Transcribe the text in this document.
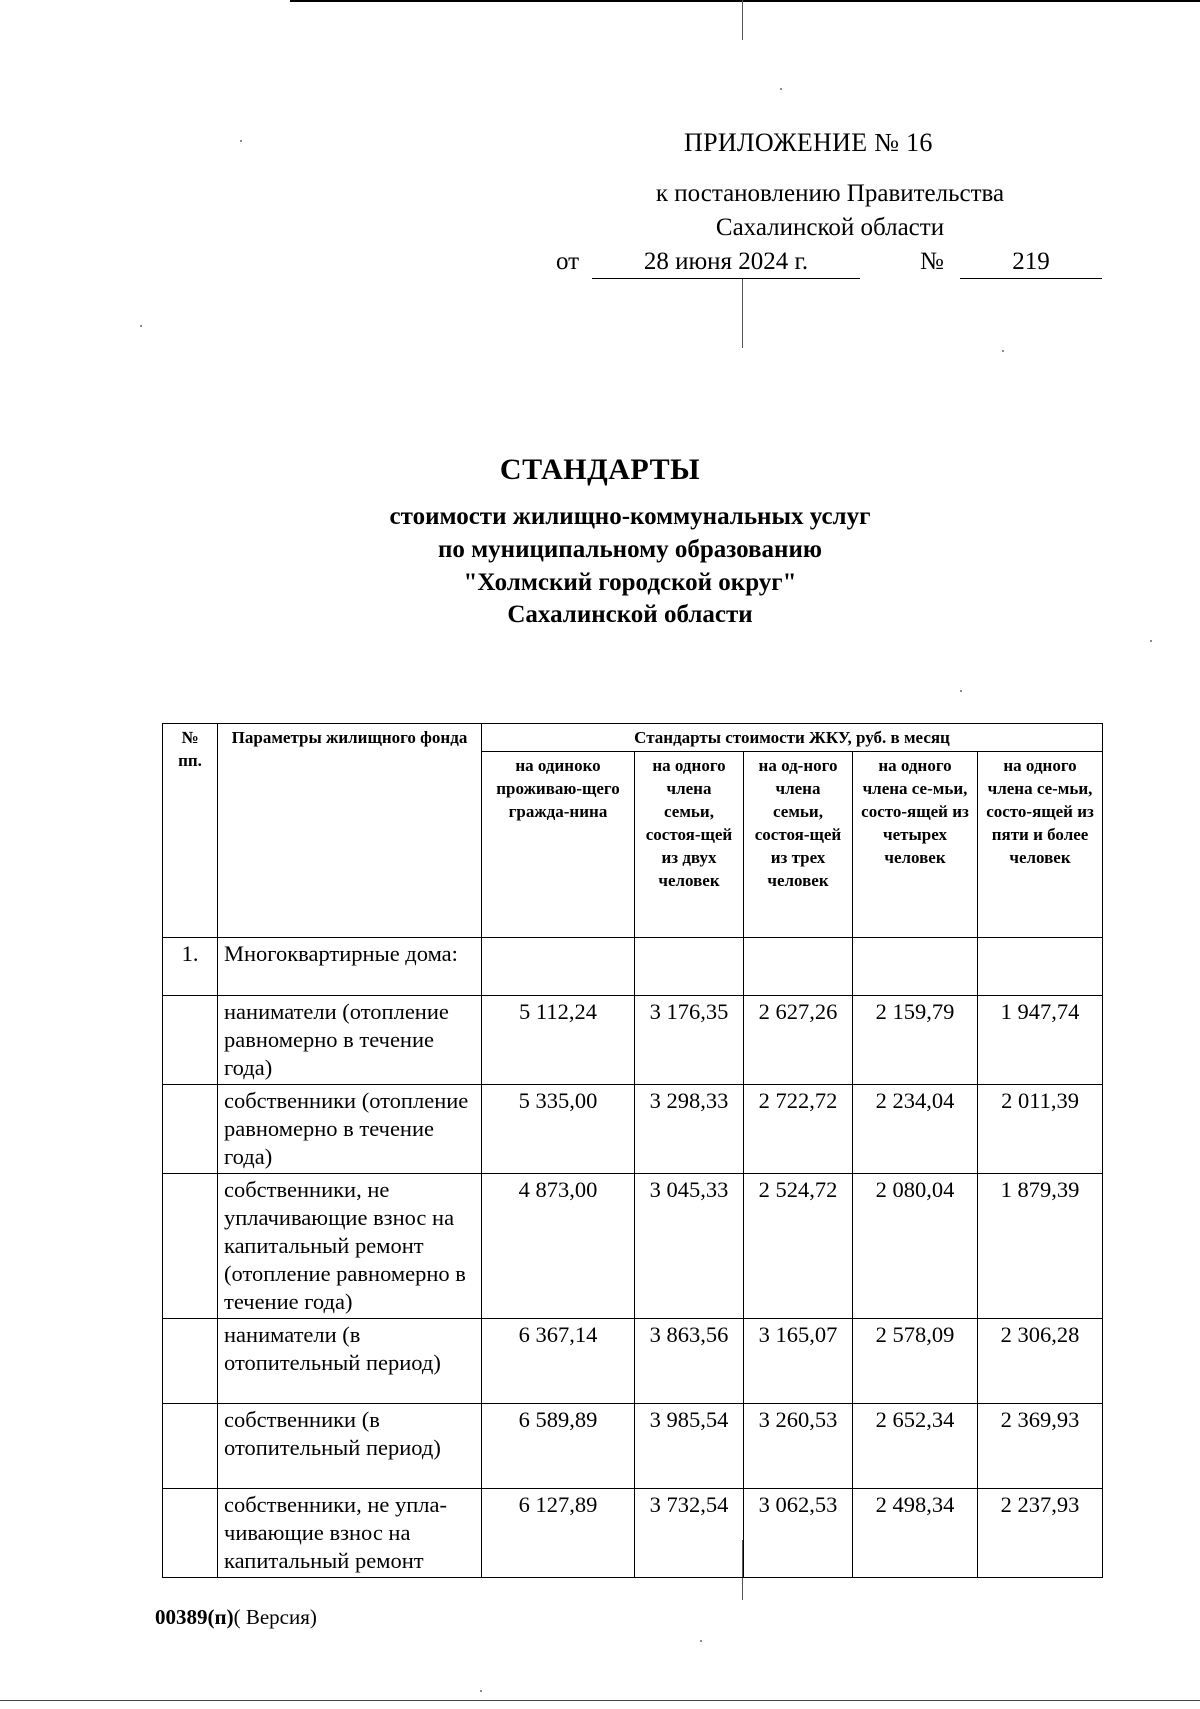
ПРИЛОЖЕНИЕ № 16
к постановлению Правительства
Сахалинской области
от	28 июня 2024 г.	№	219
СТАНДАРТЫ
стоимости жилищно-коммунальных услуг
по муниципальному образованию
"Холмский городской округ"
Сахалинской области
№ пп.	Параметры жилищного фонда	Стандарты стоимости ЖКУ, руб. в месяц				
		на одиноко проживаю-щего гражда-нина	на одного члена семьи, состоя-щей из двух человек	на од-ного члена семьи, состоя-щей из трех человек	на одного члена се-мьи, состо-ящей из четырех человек	на одного члена се-мьи, состо-ящей из пяти и более человек
1.	Многоквартирные дома:					
	наниматели (отопление равномерно в течение года)	5 112,24	3 176,35	2 627,26	2 159,79	1 947,74
	собственники (отопление равномерно в течение года)	5 335,00	3 298,33	2 722,72	2 234,04	2 011,39
	собственники, не уплачивающие взнос на капитальный ремонт (отопление равномерно в течение года)	4 873,00	3 045,33	2 524,72	2 080,04	1 879,39
	наниматели (в отопительный период)	6 367,14	3 863,56	3 165,07	2 578,09	2 306,28
	собственники (в отопительный период)	6 589,89	3 985,54	3 260,53	2 652,34	2 369,93
	собственники, не упла-чивающие взнос на капитальный ремонт	6 127,89	3 732,54	3 062,53	2 498,34	2 237,93
00389(п)( Версия)
